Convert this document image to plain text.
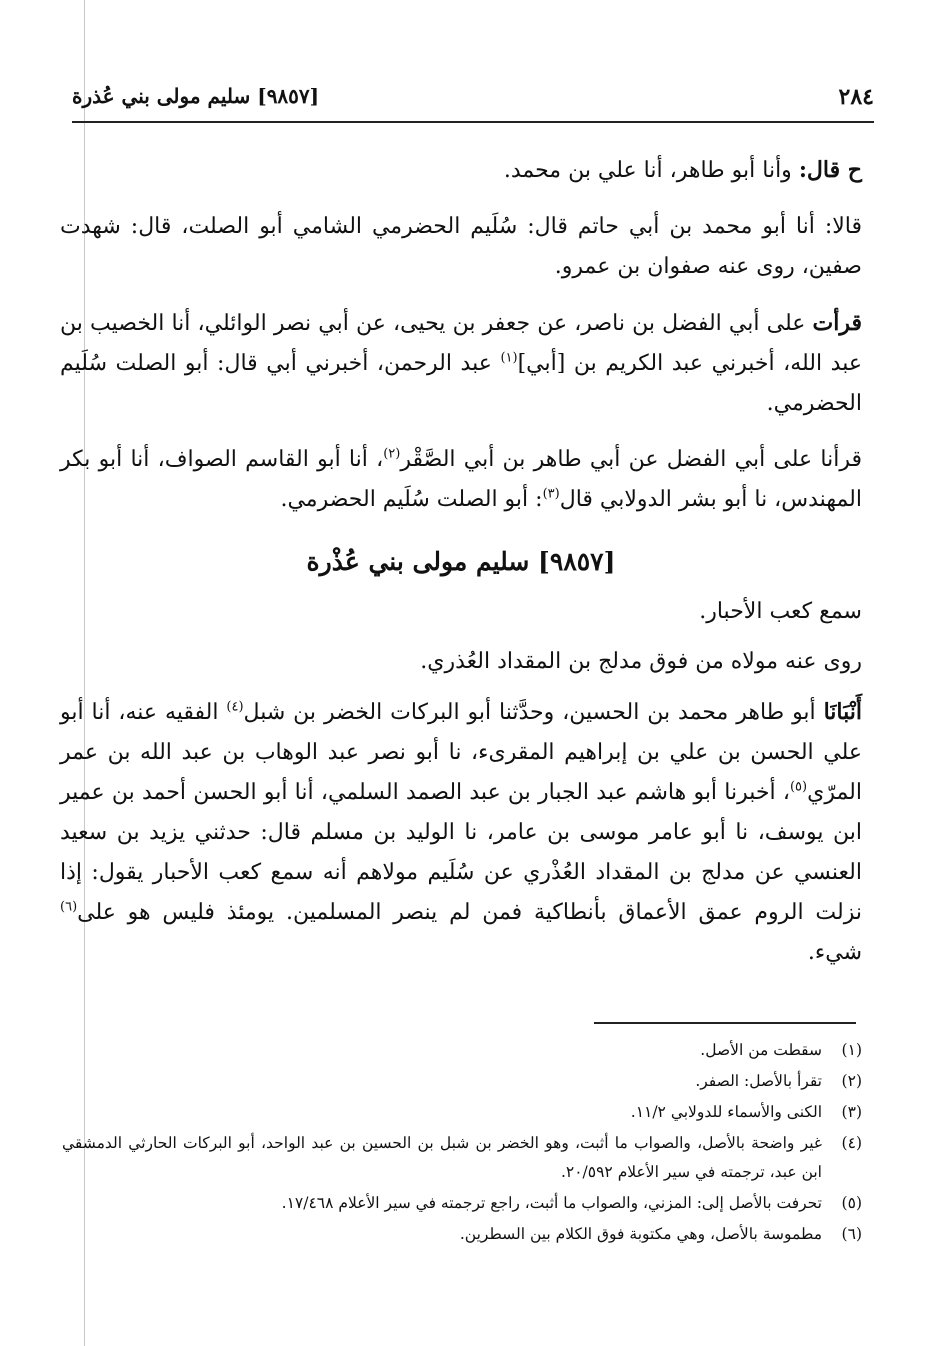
٢٨٤
[٩٨٥٧] سليم مولى بني عُذرة

ح قال: وأنا أبو طاهر، أنا علي بن محمد.

قالا: أنا أبو محمد بن أبي حاتم قال: سُلَيم الحضرمي الشامي أبو الصلت، قال: شهدت صفين، روى عنه صفوان بن عمرو.

قرأت على أبي الفضل بن ناصر، عن جعفر بن يحيى، عن أبي نصر الوائلي، أنا الخصيب بن عبد الله، أخبرني عبد الكريم بن [أبي]$^{(١)}$ عبد الرحمن، أخبرني أبي قال: أبو الصلت سُلَيم الحضرمي.

قرأنا على أبي الفضل عن أبي طاهر بن أبي الصَّقْر$^{(٢)}$، أنا أبو القاسم الصواف، أنا أبو بكر المهندس، نا أبو بشر الدولابي قال$^{(٣)}$: أبو الصلت سُلَيم الحضرمي.

[٩٨٥٧] سليم مولى بني عُذْرة

سمع كعب الأحبار.

روى عنه مولاه من فوق مدلج بن المقداد العُذري.

أَنْبَانَا أبو طاهر محمد بن الحسين، وحدَّثنا أبو البركات الخضر بن شبل$^{(٤)}$ الفقيه عنه، أنا أبو علي الحسن بن علي بن إبراهيم المقرىء، نا أبو نصر عبد الوهاب بن عبد الله بن عمر المرّي$^{(٥)}$، أخبرنا أبو هاشم عبد الجبار بن عبد الصمد السلمي، أنا أبو الحسن أحمد بن عمير ابن يوسف، نا أبو عامر موسى بن عامر، نا الوليد بن مسلم قال: حدثني يزيد بن سعيد العنسي عن مدلج بن المقداد العُذْري عن سُلَيم مولاهم أنه سمع كعب الأحبار يقول: إذا نزلت الروم عمق الأعماق بأنطاكية فمن لم ينصر المسلمين. يومئذ فليس هو على$^{(٦)}$ شيء.

(١)
سقطت من الأصل.
(٢)
تقرأ بالأصل: الصفر.
(٣)
الكنى والأسماء للدولابي ١١/٢.
(٤)
غير واضحة بالأصل، والصواب ما أثبت، وهو الخضر بن شبل بن الحسين بن عبد الواحد، أبو البركات الحارثي الدمشقي ابن عبد، ترجمته في سير الأعلام ٢٠/٥٩٢.
(٥)
تحرفت بالأصل إلى: المزني، والصواب ما أثبت، راجع ترجمته في سير الأعلام ١٧/٤٦٨.
(٦)
مطموسة بالأصل، وهي مكتوبة فوق الكلام بين السطرين.
